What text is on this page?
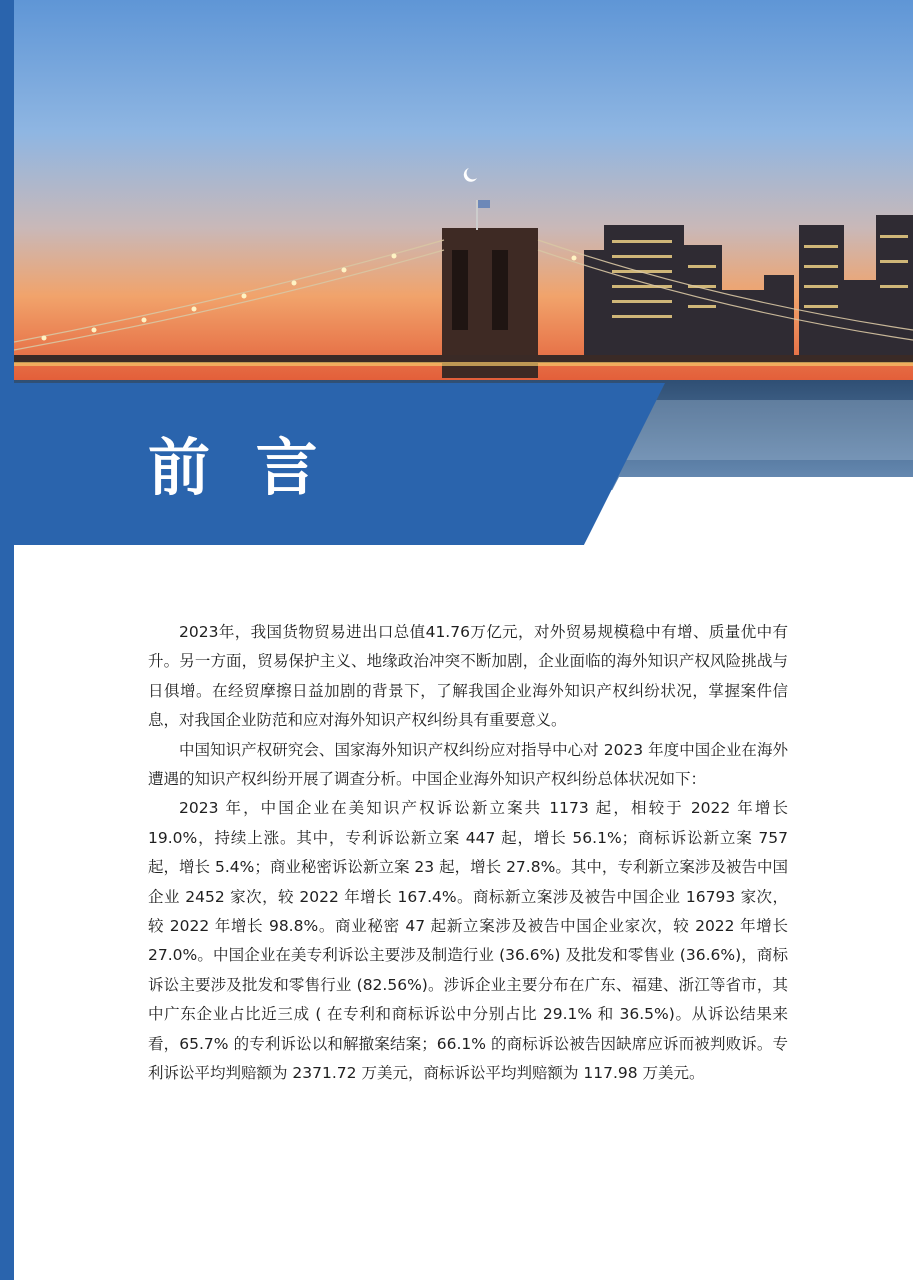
前 言

2023年，我国货物贸易进出口总值41.76万亿元，对外贸易规模稳中有增、质量优中有升。另一方面，贸易保护主义、地缘政治冲突不断加剧，企业面临的海外知识产权风险挑战与日俱增。在经贸摩擦日益加剧的背景下，了解我国企业海外知识产权纠纷状况，掌握案件信息，对我国企业防范和应对海外知识产权纠纷具有重要意义。

中国知识产权研究会、国家海外知识产权纠纷应对指导中心对 2023 年度中国企业在海外遭遇的知识产权纠纷开展了调查分析。中国企业海外知识产权纠纷总体状况如下：

2023 年，中国企业在美知识产权诉讼新立案共 1173 起，相较于 2022 年增长 19.0%，持续上涨。其中，专利诉讼新立案 447 起，增长 56.1%；商标诉讼新立案 757 起，增长 5.4%；商业秘密诉讼新立案 23 起，增长 27.8%。其中，专利新立案涉及被告中国企业 2452 家次，较 2022 年增长 167.4%。商标新立案涉及被告中国企业 16793 家次，较 2022 年增长 98.8%。商业秘密 47 起新立案涉及被告中国企业家次，较 2022 年增长 27.0%。中国企业在美专利诉讼主要涉及制造行业 (36.6%) 及批发和零售业 (36.6%)，商标诉讼主要涉及批发和零售行业 (82.56%)。涉诉企业主要分布在广东、福建、浙江等省市，其中广东企业占比近三成 ( 在专利和商标诉讼中分别占比 29.1% 和 36.5%)。从诉讼结果来看，65.7% 的专利诉讼以和解撤案结案；66.1% 的商标诉讼被告因缺席应诉而被判败诉。专利诉讼平均判赔额为 2371.72 万美元，商标诉讼平均判赔额为 117.98 万美元。
